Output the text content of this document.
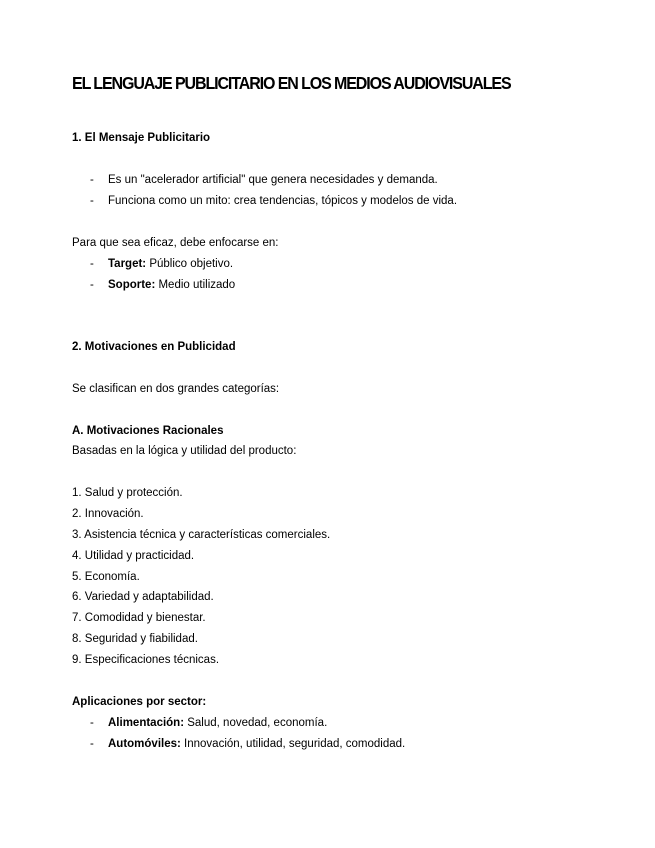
EL LENGUAJE PUBLICITARIO EN LOS MEDIOS AUDIOVISUALES

1. El Mensaje Publicitario

- Es un "acelerador artificial" que genera necesidades y demanda.
- Funciona como un mito: crea tendencias, tópicos y modelos de vida.

Para que sea eficaz, debe enfocarse en:

- Target: Público objetivo.
- Soporte: Medio utilizado

2. Motivaciones en Publicidad

Se clasifican en dos grandes categorías:

A. Motivaciones Racionales

Basadas en la lógica y utilidad del producto:

1. Salud y protección.

2. Innovación.

3. Asistencia técnica y características comerciales.

4. Utilidad y practicidad.

5. Economía.

6. Variedad y adaptabilidad.

7. Comodidad y bienestar.

8. Seguridad y fiabilidad.

9. Especificaciones técnicas.

Aplicaciones por sector:

- Alimentación: Salud, novedad, economía.
- Automóviles: Innovación, utilidad, seguridad, comodidad.
